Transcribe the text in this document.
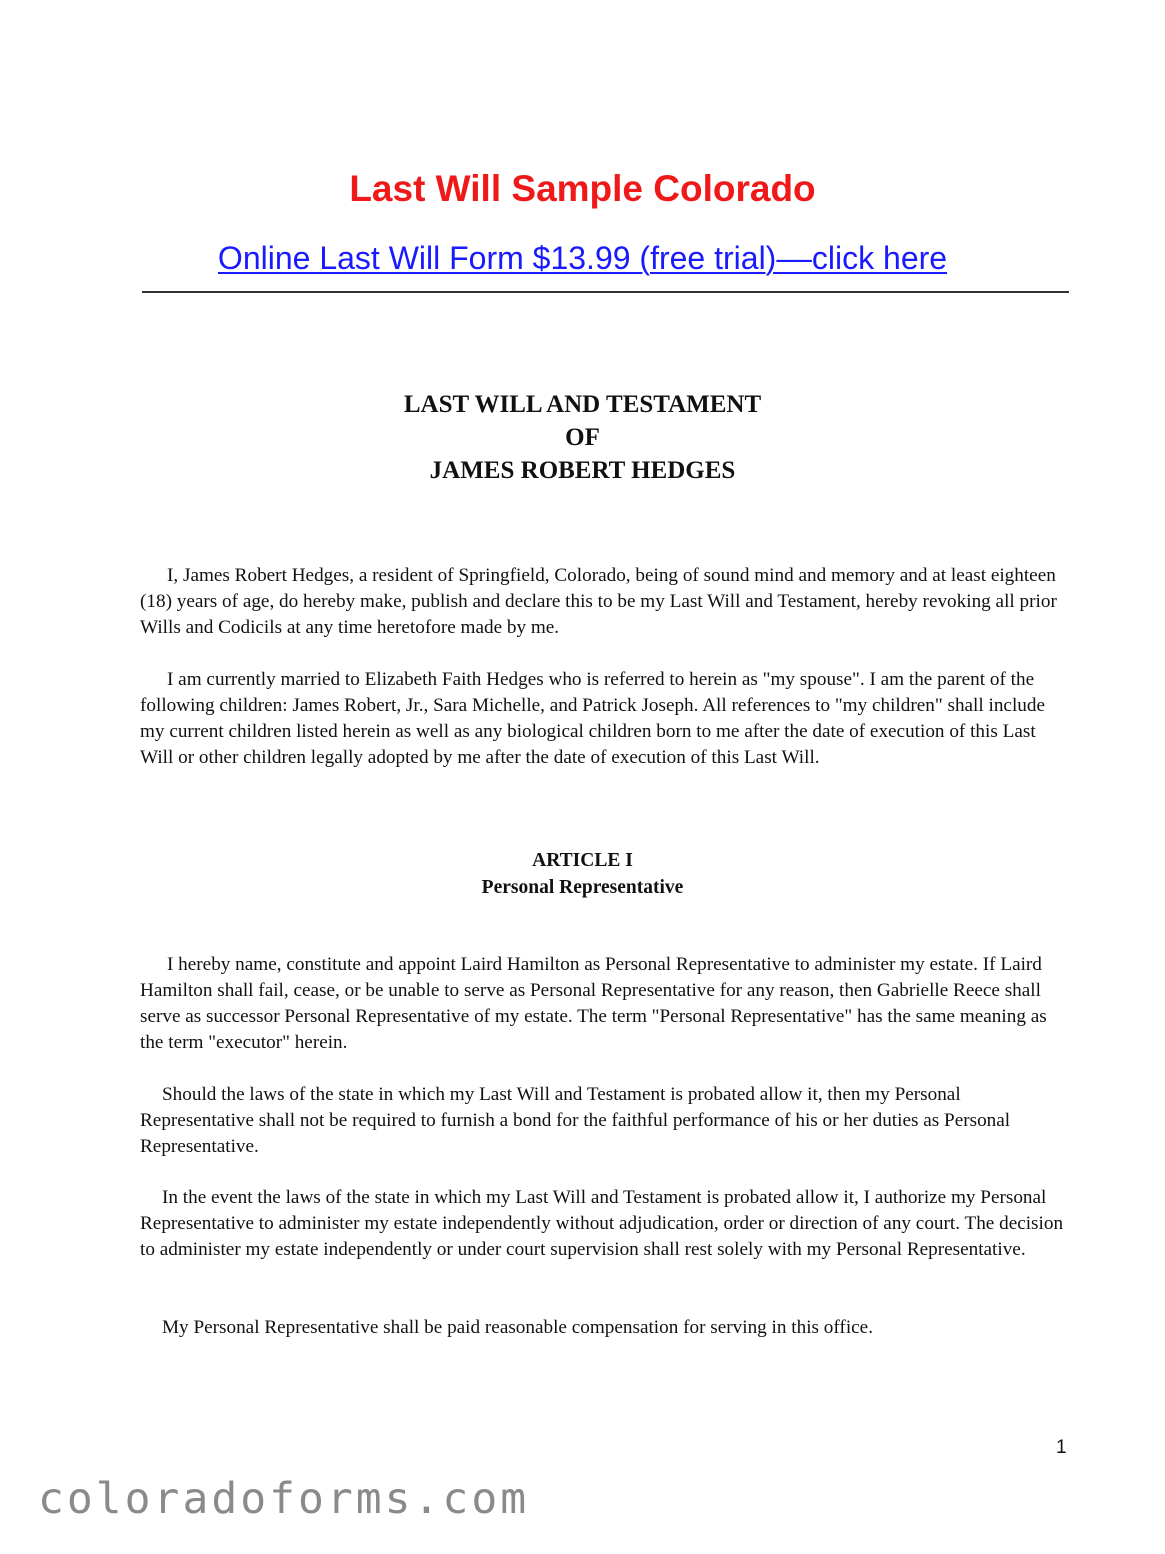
Last Will Sample Colorado
Online Last Will Form $13.99 (free trial)––click here
LAST WILL AND TESTAMENT
OF
JAMES ROBERT HEDGES

I, James Robert Hedges, a resident of Springfield, Colorado, being of sound mind and memory and at least eighteen (18) years of age, do hereby make, publish and declare this to be my Last Will and Testament, hereby revoking all prior Wills and Codicils at any time heretofore made by me.

I am currently married to Elizabeth Faith Hedges who is referred to herein as "my spouse". I am the parent of the following children: James Robert, Jr., Sara Michelle, and Patrick Joseph. All references to "my children" shall include my current children listed herein as well as any biological children born to me after the date of execution of this Last Will or other children legally adopted by me after the date of execution of this Last Will.

ARTICLE I
Personal Representative

I hereby name, constitute and appoint Laird Hamilton as Personal Representative to administer my estate. If Laird Hamilton shall fail, cease, or be unable to serve as Personal Representative for any reason, then Gabrielle Reece shall serve as successor Personal Representative of my estate. The term "Personal Representative" has the same meaning as the term "executor" herein.

Should the laws of the state in which my Last Will and Testament is probated allow it, then my Personal Representative shall not be required to furnish a bond for the faithful performance of his or her duties as Personal Representative.

In the event the laws of the state in which my Last Will and Testament is probated allow it, I authorize my Personal Representative to administer my estate independently without adjudication, order or direction of any court. The decision to administer my estate independently or under court supervision shall rest solely with my Personal Representative.

My Personal Representative shall be paid reasonable compensation for serving in this office.

1
coloradoforms.com
